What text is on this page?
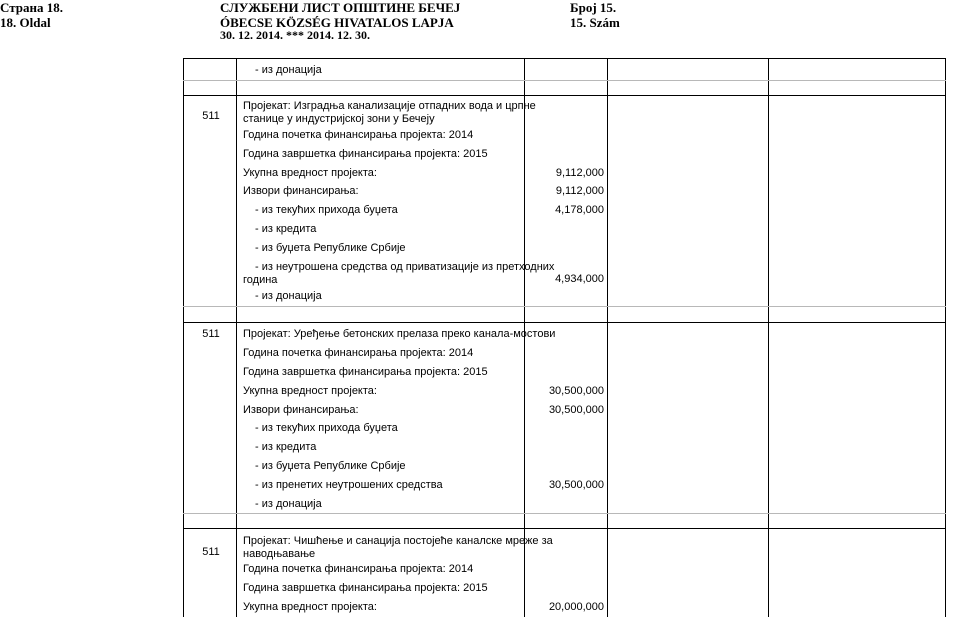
Страна 18.
18. Oldal
СЛУЖБЕНИ ЛИСТ ОПШТИНЕ БЕЧЕЈ
ÓBECSE KÖZSÉG HIVATALOS LAPJA
Број 15.
15. Szám
30. 12. 2014. *** 2014. 12. 30.
- из донација
511
Пројекат: Изградња канализације отпадних вода и црпне
станице у индустријској зони у Бечеју
Година почетка финансирања пројекта: 2014
Година завршетка финансирања пројекта: 2015
Укупна вредност пројекта:	9,112,000
Извори финансирања:	9,112,000
- из текућих прихода буџета	4,178,000
- из кредита
- из буџета Републике Србије
- из неутрошена средства од приватизације из претходних
година	4,934,000
- из донација
511	Пројекат: Уређење бетонских прелаза преко канала-мостови
Година почетка финансирања пројекта: 2014
Година завршетка финансирања пројекта: 2015
Укупна вредност пројекта:	30,500,000
Извори финансирања:	30,500,000
- из текућих прихода буџета
- из кредита
- из буџета Републике Србије
- из пренетих неутрошених средства	30,500,000
- из донација
511
Пројекат: Чишћење и санација постојеће каналске мреже за
наводњавање
Година почетка финансирања пројекта: 2014
Година завршетка финансирања пројекта: 2015
Укупна вредност пројекта:	20,000,000
